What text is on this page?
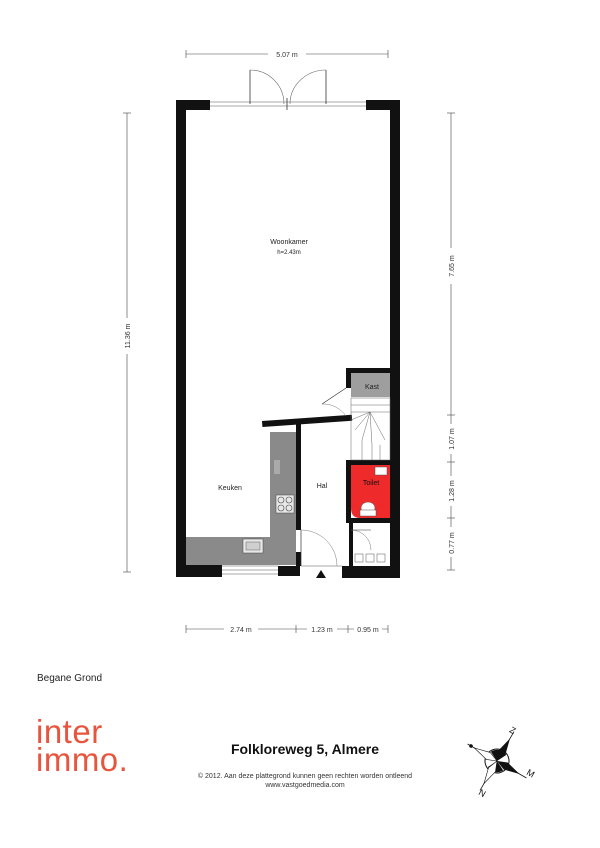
5.07 m
11.36 m
7.65 m
1.07 m
1.28 m
0.77 m
2.74 m	1.23 m	0.95 m
Kast
Toilet
Woonkamer
h=2.43m
Keuken	Hal
Z
M
N
Begane Grond
inter
immo.	Folkloreweg 5, Almere
© 2012. Aan deze plattegrond kunnen geen rechten worden ontleend
www.vastgoedmedia.com
